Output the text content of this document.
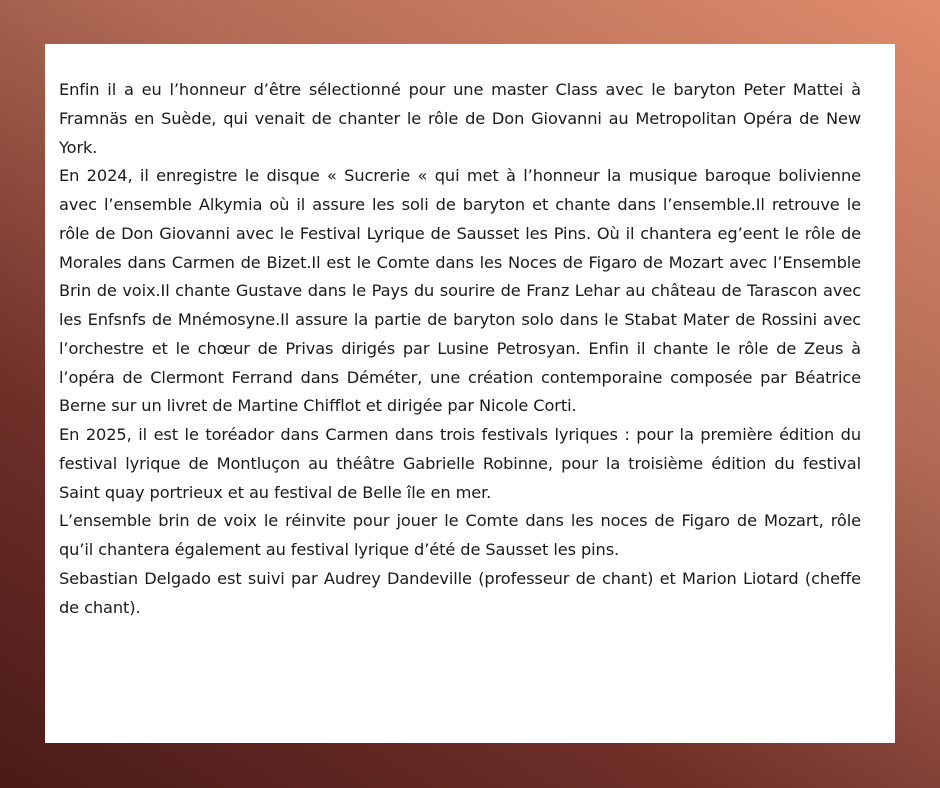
Enfin il a eu l’honneur d’être sélectionné pour une master Class avec le baryton Peter Mattei à Framnäs en Suède, qui venait de chanter le rôle de Don Giovanni au Metropolitan Opéra de New York.

En 2024, il enregistre le disque « Sucrerie « qui met à l’honneur la musique baroque bolivienne avec l’ensemble Alkymia où il assure les soli de baryton et chante dans l’ensemble.Il retrouve le rôle de Don Giovanni avec le Festival Lyrique de Sausset les Pins. Où il chantera eg’eent le rôle de Morales dans Carmen de Bizet.Il est le Comte dans les Noces de Figaro de Mozart avec l’Ensemble Brin de voix.Il chante Gustave dans le Pays du sourire de Franz Lehar au château de Tarascon avec les Enfsnfs de Mnémosyne.Il assure la partie de baryton solo dans le Stabat Mater de Rossini avec l’orchestre et le chœur de Privas dirigés par Lusine Petrosyan. Enfin il chante le rôle de Zeus à l’opéra de Clermont Ferrand dans Déméter, une création contemporaine composée par Béatrice Berne sur un livret de Martine Chifflot et dirigée par Nicole Corti.

En 2025, il est le toréador dans Carmen dans trois festivals lyriques : pour la première édition du festival lyrique de Montluçon au théâtre Gabrielle Robinne, pour la troisième édition du festival Saint quay portrieux et au festival de Belle île en mer.

L’ensemble brin de voix le réinvite pour jouer le Comte dans les noces de Figaro de Mozart, rôle qu’il chantera également au festival lyrique d’été de Sausset les pins.

Sebastian Delgado est suivi par Audrey Dandeville (professeur de chant) et Marion Liotard (cheffe de chant).
